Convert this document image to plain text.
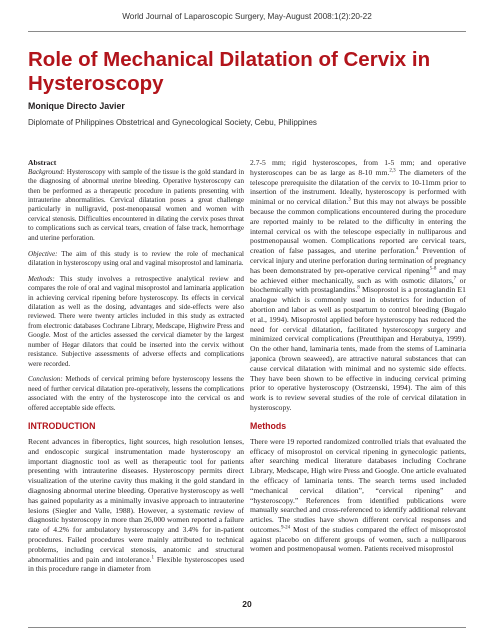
World Journal of Laparoscopic Surgery, May-August 2008:1(2):20-22
Role of Mechanical Dilatation of Cervix in Hysteroscopy
Monique Directo Javier
Diplomate of Philippines Obstetrical and Gynecological Society, Cebu, Philippines

Abstract

Background: Hysteroscopy with sample of the tissue is the gold standard in the diagnosing of abnormal uterine bleeding. Operative hysteroscopy can then be performed as a therapeutic procedure in patients presenting with intrauterine abnormalities. Cervical dilatation poses a great challenge particularly in nulligravid, post-menopausal women and women with cervical stenosis. Difficulties encountered in dilating the cervix poses threat to complications such as cervical tears, creation of false track, hemorrhage and uterine perforation.

Objective: The aim of this study is to review the role of mechanical dilatation in hysteroscopy using oral and vaginal misoprostol and laminaria.

Methods: This study involves a retrospective analytical review and compares the role of oral and vaginal misoprostol and laminaria application in achieving cervical ripening before hysteroscopy. Its effects in cervical dilatation as well as the dosing, advantages and side-effects were also reviewed. There were twenty articles included in this study as extracted from electronic databases Cochrane Library, Medscape, Highwire Press and Google. Most of the articles assessed the cervical diameter by the largest number of Hegar dilators that could be inserted into the cervix without resistance. Subjective assessments of adverse effects and complications were recorded.

Conclusion: Methods of cervical priming before hysteroscopy lessens the need of further cervical dilatation pre-operatively, lessens the complications associated with the entry of the hysteroscope into the cervical os and offered acceptable side effects.

INTRODUCTION

Recent advances in fiberoptics, light sources, high resolution lenses, and endoscopic surgical instrumentation made hysteroscopy an important diagnostic tool as well as therapeutic tool for patients presenting with intrauterine diseases. Hysteroscopy permits direct visualization of the uterine cavity thus making it the gold standard in diagnosing abnormal uterine bleeding. Operative hysteroscopy as well has gained popularity as a minimally invasive approach to intrauterine lesions (Siegler and Valle, 1988). However, a systematic review of diagnostic hysteroscopy in more than 26,000 women reported a failure rate of 4.2% for ambulatory hysteroscopy and 3.4% for in-patient procedures. Failed procedures were mainly attributed to technical problems, including cervical stenosis, anatomic and structural abnormalities and pain and intolerance.$^1$ Flexible hysteroscopes used in this procedure range in diameter from

2.7-5 mm; rigid hysteroscopes, from 1-5 mm; and operative hysteroscopes can be as large as 8-10 mm.$^{2,3}$ The diameters of the telescope prerequisite the dilatation of the cervix to 10-11mm prior to insertion of the instrument. Ideally, hysteroscopy is performed with minimal or no cervical dilation.$^3$ But this may not always be possible because the common complications encountered during the procedure are reported mainly to be related to the difficulty in entering the internal cervical os with the telescope especially in nulliparous and postmenopausal women. Complications reported are cervical tears, creation of false passages, and uterine perforation.$^4$ Prevention of cervical injury and uterine perforation during termination of pregnancy has been demonstrated by pre-operative cervical ripening$^{5-8}$ and may be achieved either mechanically, such as with osmotic dilators,$^7$ or biochemically with prostaglandins.$^8$ Misoprostol is a prostaglandin E1 analogue which is commonly used in obstetrics for induction of abortion and labor as well as postpartum to control bleeding (Bugalo et al., 1994). Misoprostol applied before hysteroscopy has reduced the need for cervical dilatation, facilitated hysteroscopy surgery and minimized cervical complications (Preutthipan and Herabutya, 1999). On the other hand, laminaria tents, made from the stems of Laminaria japonica (brown seaweed), are attractive natural substances that can cause cervical dilatation with minimal and no systemic side effects. They have been shown to be effective in inducing cervical priming prior to operative hysteroscopy (Ostrzenski, 1994). The aim of this work is to review several studies of the role of cervical dilatation in hysteroscopy.

Methods

There were 19 reported randomized controlled trials that evaluated the efficacy of misoprostol on cervical ripening in gynecologic patients, after searching medical literature databases including Cochrane Library, Medscape, High wire Press and Google. One article evaluated the efficacy of laminaria tents. The search terms used included “mechanical cervical dilation”, “cervical ripening” and “hysteroscopy.” References from identified publications were manually searched and cross-referenced to identify additional relevant articles. The studies have shown different cervical responses and outcomes.$^{9-24}$ Most of the studies compared the effect of misoprostol against placebo on different groups of women, such a nulliparous women and postmenopausal women. Patients received misoprostol

20
